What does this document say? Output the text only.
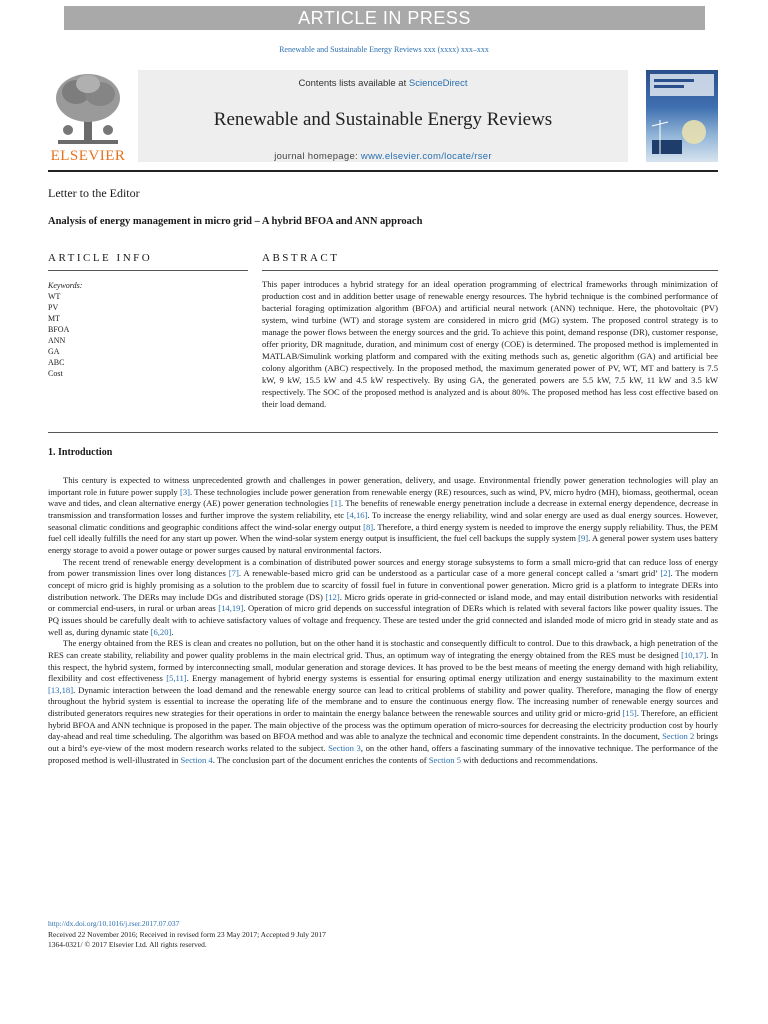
ARTICLE IN PRESS
Renewable and Sustainable Energy Reviews xxx (xxxx) xxx–xxx
ELSEVIER
Contents lists available at ScienceDirect
Renewable and Sustainable Energy Reviews
journal homepage: www.elsevier.com/locate/rser
Letter to the Editor
Analysis of energy management in micro grid – A hybrid BFOA and ANN approach
ARTICLE INFO	ABSTRACT
Keywords:
WT
PV
MT
BFOA
ANN
GA
ABC
Cost
This paper introduces a hybrid strategy for an ideal operation programming of electrical frameworks through minimization of production cost and in addition better usage of renewable energy resources. The hybrid technique is the combined performance of bacterial foraging optimization algorithm (BFOA) and artificial neural network (ANN) technique. Here, the photovoltaic (PV) system, wind turbine (WT) and storage system are considered in micro grid (MG) system. The proposed control strategy is to manage the power flows between the energy sources and the grid. To achieve this point, demand response (DR), customer response, offer priority, DR magnitude, duration, and minimum cost of energy (COE) is determined. The proposed method is implemented in MATLAB/Simulink working platform and compared with the exiting methods such as, genetic algorithm (GA) and artificial bee colony algorithm (ABC) respectively. In the proposed method, the maximum generated power of PV, WT, MT and battery is 7.5 kW, 9 kW, 15.5 kW and 4.5 kW respectively. By using GA, the generated powers are 5.5 kW, 7.5 kW, 11 kW and 3.5 kW respectively. The SOC of the proposed method is analyzed and is about 80%. The proposed method has less cost effective based on their load demand.
1. Introduction

This century is expected to witness unprecedented growth and challenges in power generation, delivery, and usage. Environmental friendly power generation technologies will play an important role in future power supply [3]. These technologies include power generation from renewable energy (RE) resources, such as wind, PV, micro hydro (MH), biomass, geothermal, ocean wave and tides, and clean alternative energy (AE) power generation technologies [1]. The benefits of renewable energy penetration include a decrease in external energy dependence, decrease in transmission and transformation losses and further improve the system reliability, etc [4,16]. To increase the energy reliability, wind and solar energy are used as dual energy sources. However, seasonal climatic conditions and geographic conditions affect the wind-solar energy output [8]. Therefore, a third energy system is needed to improve the energy supply reliability. Thus, the PEM fuel cell ideally fulfills the need for any start up power. When the wind-solar system energy output is insufficient, the fuel cell backups the supply system [9]. A general power system uses battery energy storage to avoid a power outage or power surges caused by natural environmental factors.

The recent trend of renewable energy development is a combination of distributed power sources and energy storage subsystems to form a small micro-grid that can reduce loss of energy from power transmission lines over long distances [7]. A renewable-based micro grid can be understood as a particular case of a more general concept called a ‘smart grid’ [2]. The modern concept of micro grid is highly promising as a solution to the problem due to scarcity of fossil fuel in future in conventional power generation. Micro grid is a platform to integrate DERs into distribution network. The DERs may include DGs and distributed storage (DS) [12]. Micro grids operate in grid-connected or island mode, and may entail distribution networks with residential or commercial end-users, in rural or urban areas [14,19]. Operation of micro grid depends on successful integration of DERs which is related with several factors like power quality issues. The PQ issues should be carefully dealt with to achieve satisfactory values of voltage and frequency. These are tested under the grid connected and islanded mode of micro grid in steady state and as well as, during dynamic state [6,20].

The energy obtained from the RES is clean and creates no pollution, but on the other hand it is stochastic and consequently difficult to control. Due to this drawback, a high penetration of the RES can create stability, reliability and power quality problems in the main electrical grid. Thus, an optimum way of integrating the energy obtained from the RES must be designed [10,17]. In this respect, the hybrid system, formed by interconnecting small, modular generation and storage devices. It has proved to be the best means of meeting the energy demand with high reliability, flexibility and cost effectiveness [5,11]. Energy management of hybrid energy systems is essential for ensuring optimal energy utilization and energy sustainability to the maximum extent [13,18]. Dynamic interaction between the load demand and the renewable energy source can lead to critical problems of stability and power quality. Therefore, managing the flow of energy throughout the hybrid system is essential to increase the operating life of the membrane and to ensure the continuous energy flow. The increasing number of renewable energy sources and distributed generators requires new strategies for their operations in order to maintain the energy balance between the renewable sources and utility grid or micro-grid [15]. Therefore, an efficient hybrid BFOA and ANN technique is proposed in the paper. The main objective of the process was the optimum operation of micro-sources for decreasing the electricity production cost by hourly day-ahead and real time scheduling. The algorithm was based on BFOA method and was able to analyze the technical and economic time dependent constraints. In the document, Section 2 brings out a bird’s eye-view of the most modern research works related to the subject. Section 3, on the other hand, offers a fascinating summary of the innovative technique. The performance of the proposed method is well-illustrated in Section 4. The conclusion part of the document enriches the contents of Section 5 with deductions and recommendations.

http://dx.doi.org/10.1016/j.rser.2017.07.037
Received 22 November 2016; Received in revised form 23 May 2017; Accepted 9 July 2017
1364-0321/ © 2017 Elsevier Ltd. All rights reserved.
